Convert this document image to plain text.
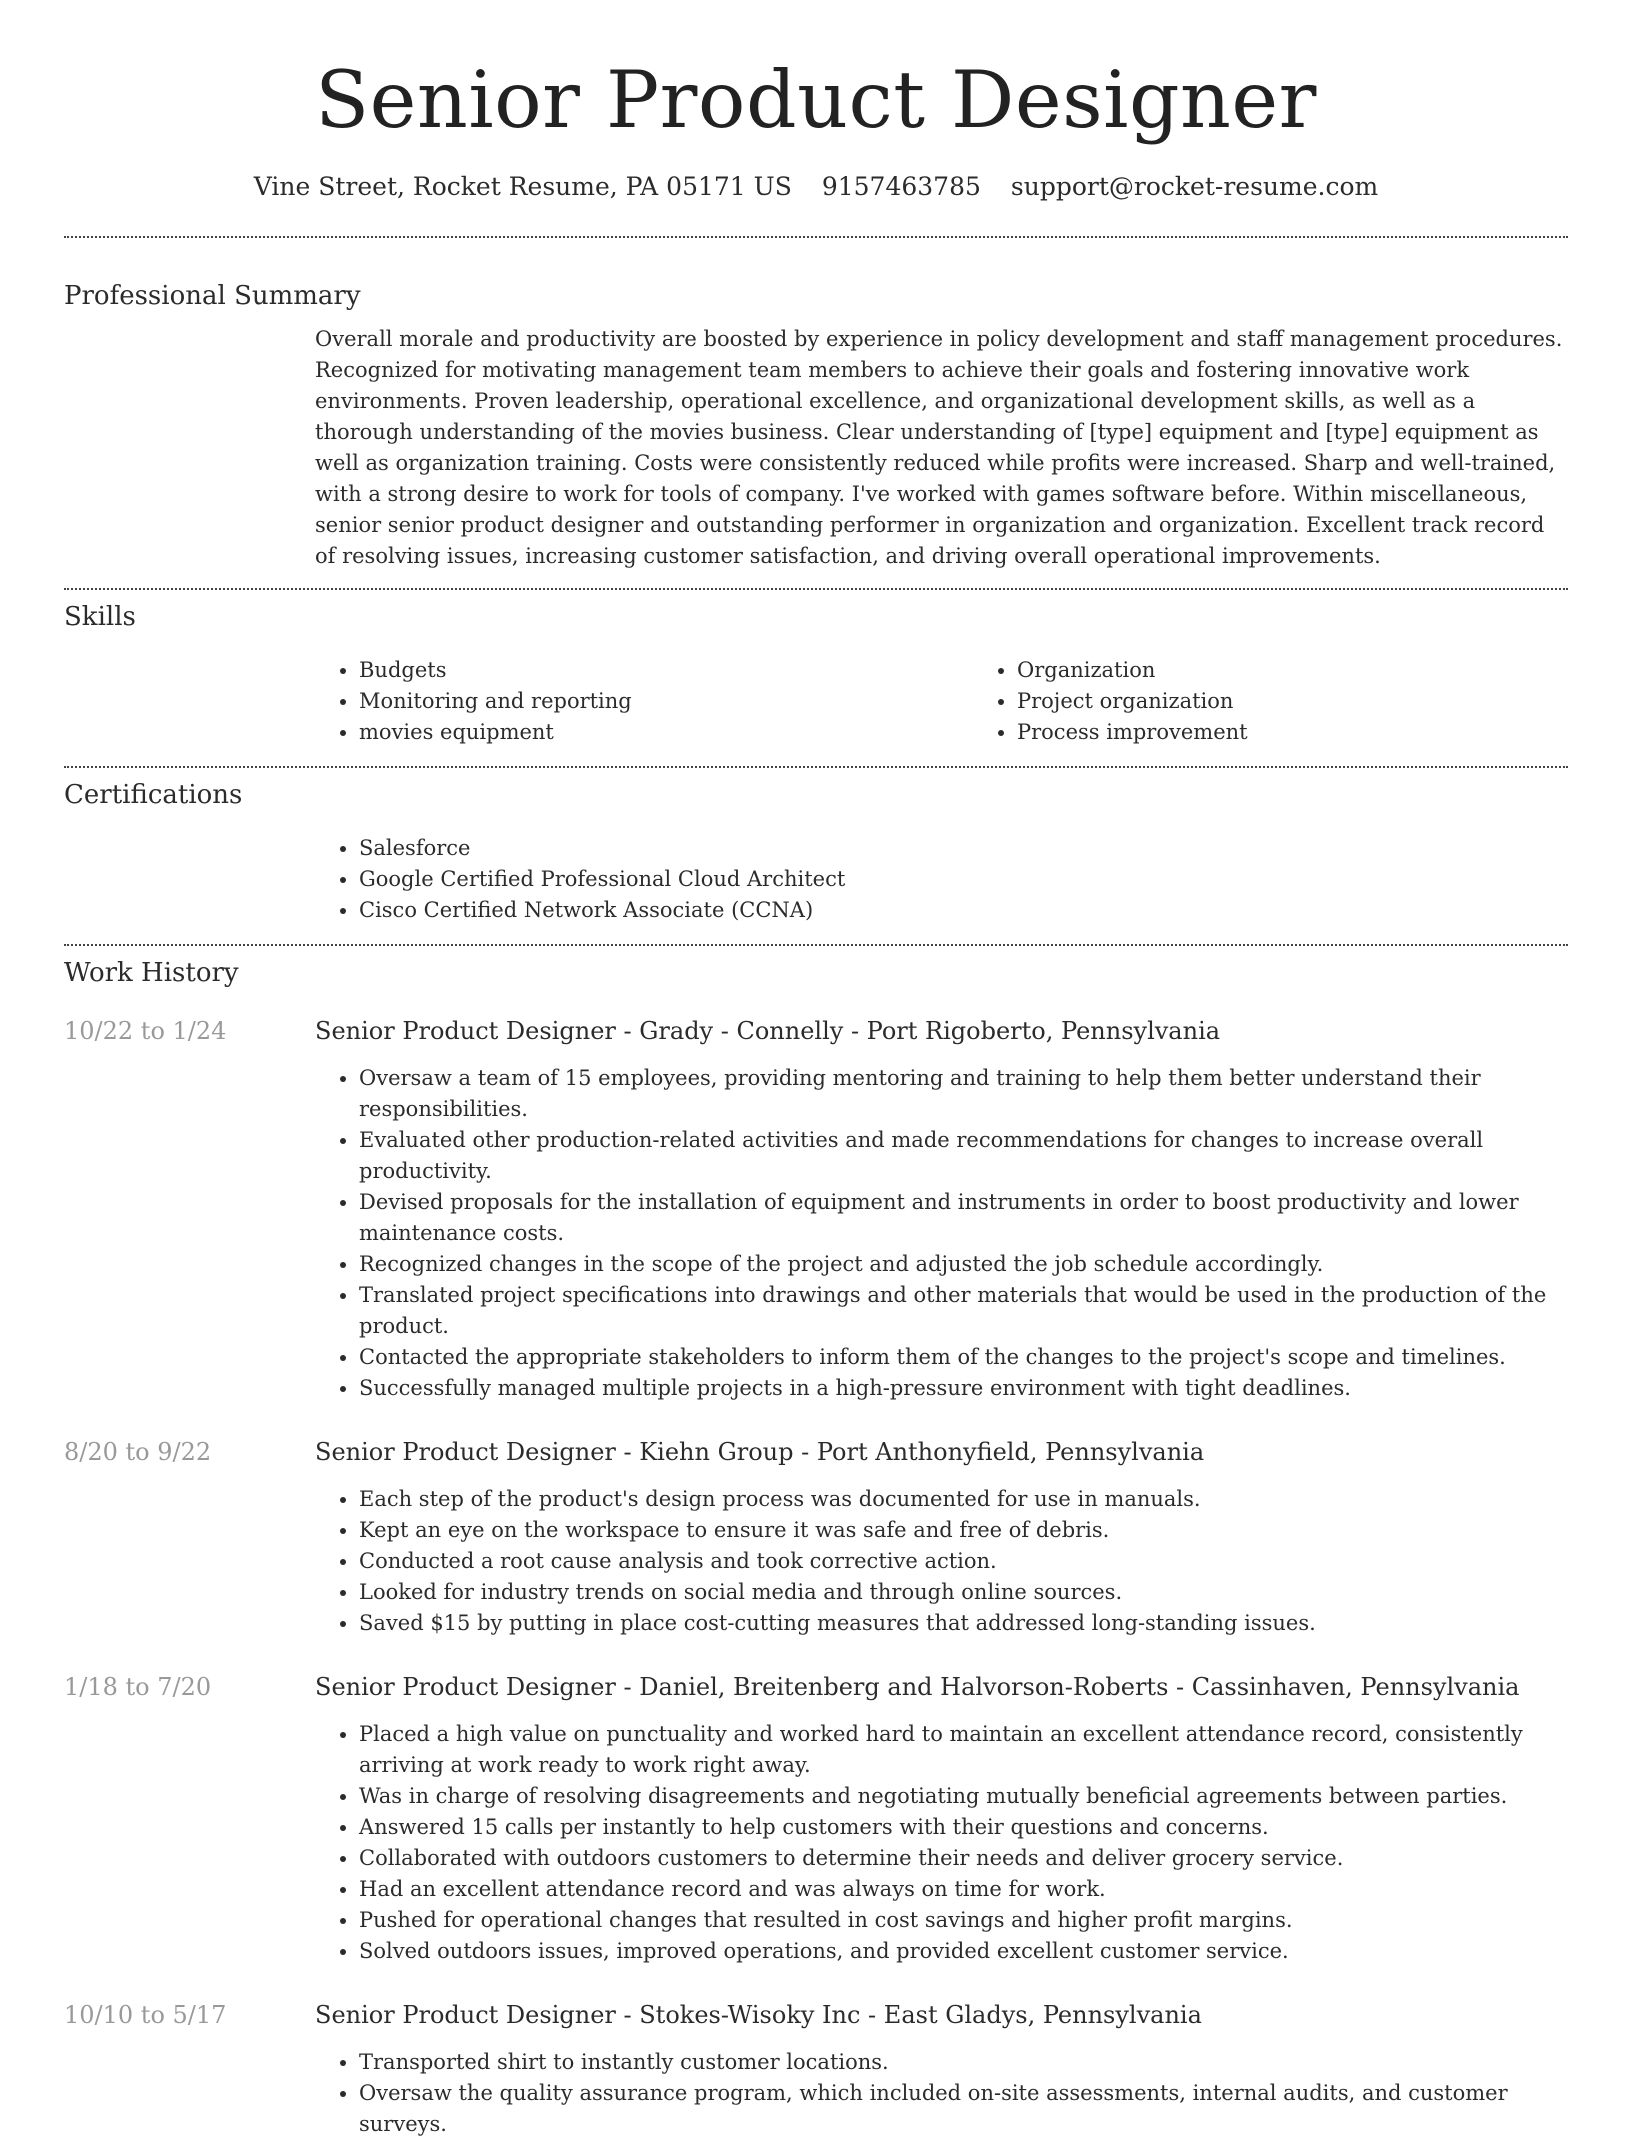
Senior Product Designer
Vine Street, Rocket Resume, PA 05171 US 9157463785 support@rocket-resume.com
Professional Summary

Overall morale and productivity are boosted by experience in policy development and staff management procedures. Recognized for motivating management team members to achieve their goals and fostering innovative work environments. Proven leadership, operational excellence, and organizational development skills, as well as a thorough understanding of the movies business. Clear understanding of [type] equipment and [type] equipment as well as organization training. Costs were consistently reduced while profits were increased. Sharp and well-trained, with a strong desire to work for tools of company. I've worked with games software before. Within miscellaneous, senior senior product designer and outstanding performer in organization and organization. Excellent track record of resolving issues, increasing customer satisfaction, and driving overall operational improvements.

Skills
• Budgets
• Monitoring and reporting
• movies equipment
• Organization
• Project organization
• Process improvement
Certifications
• Salesforce
• Google Certified Professional Cloud Architect
• Cisco Certified Network Associate (CCNA)
Work History
10/22 to 1/24	Senior Product Designer - Grady - Connelly - Port Rigoberto, Pennsylvania
• Oversaw a team of 15 employees, providing mentoring and training to help them better understand their responsibilities.
• Evaluated other production-related activities and made recommendations for changes to increase overall productivity.
• Devised proposals for the installation of equipment and instruments in order to boost productivity and lower maintenance costs.
• Recognized changes in the scope of the project and adjusted the job schedule accordingly.
• Translated project specifications into drawings and other materials that would be used in the production of the product.
• Contacted the appropriate stakeholders to inform them of the changes to the project's scope and timelines.
• Successfully managed multiple projects in a high-pressure environment with tight deadlines.
8/20 to 9/22	Senior Product Designer - Kiehn Group - Port Anthonyfield, Pennsylvania
• Each step of the product's design process was documented for use in manuals.
• Kept an eye on the workspace to ensure it was safe and free of debris.
• Conducted a root cause analysis and took corrective action.
• Looked for industry trends on social media and through online sources.
• Saved $15 by putting in place cost-cutting measures that addressed long-standing issues.
1/18 to 7/20	Senior Product Designer - Daniel, Breitenberg and Halvorson-Roberts - Cassinhaven, Pennsylvania
• Placed a high value on punctuality and worked hard to maintain an excellent attendance record, consistently arriving at work ready to work right away.
• Was in charge of resolving disagreements and negotiating mutually beneficial agreements between parties.
• Answered 15 calls per instantly to help customers with their questions and concerns.
• Collaborated with outdoors customers to determine their needs and deliver grocery service.
• Had an excellent attendance record and was always on time for work.
• Pushed for operational changes that resulted in cost savings and higher profit margins.
• Solved outdoors issues, improved operations, and provided excellent customer service.
10/10 to 5/17	Senior Product Designer - Stokes-Wisoky Inc - East Gladys, Pennsylvania
• Transported shirt to instantly customer locations.
• Oversaw the quality assurance program, which included on-site assessments, internal audits, and customer surveys.
